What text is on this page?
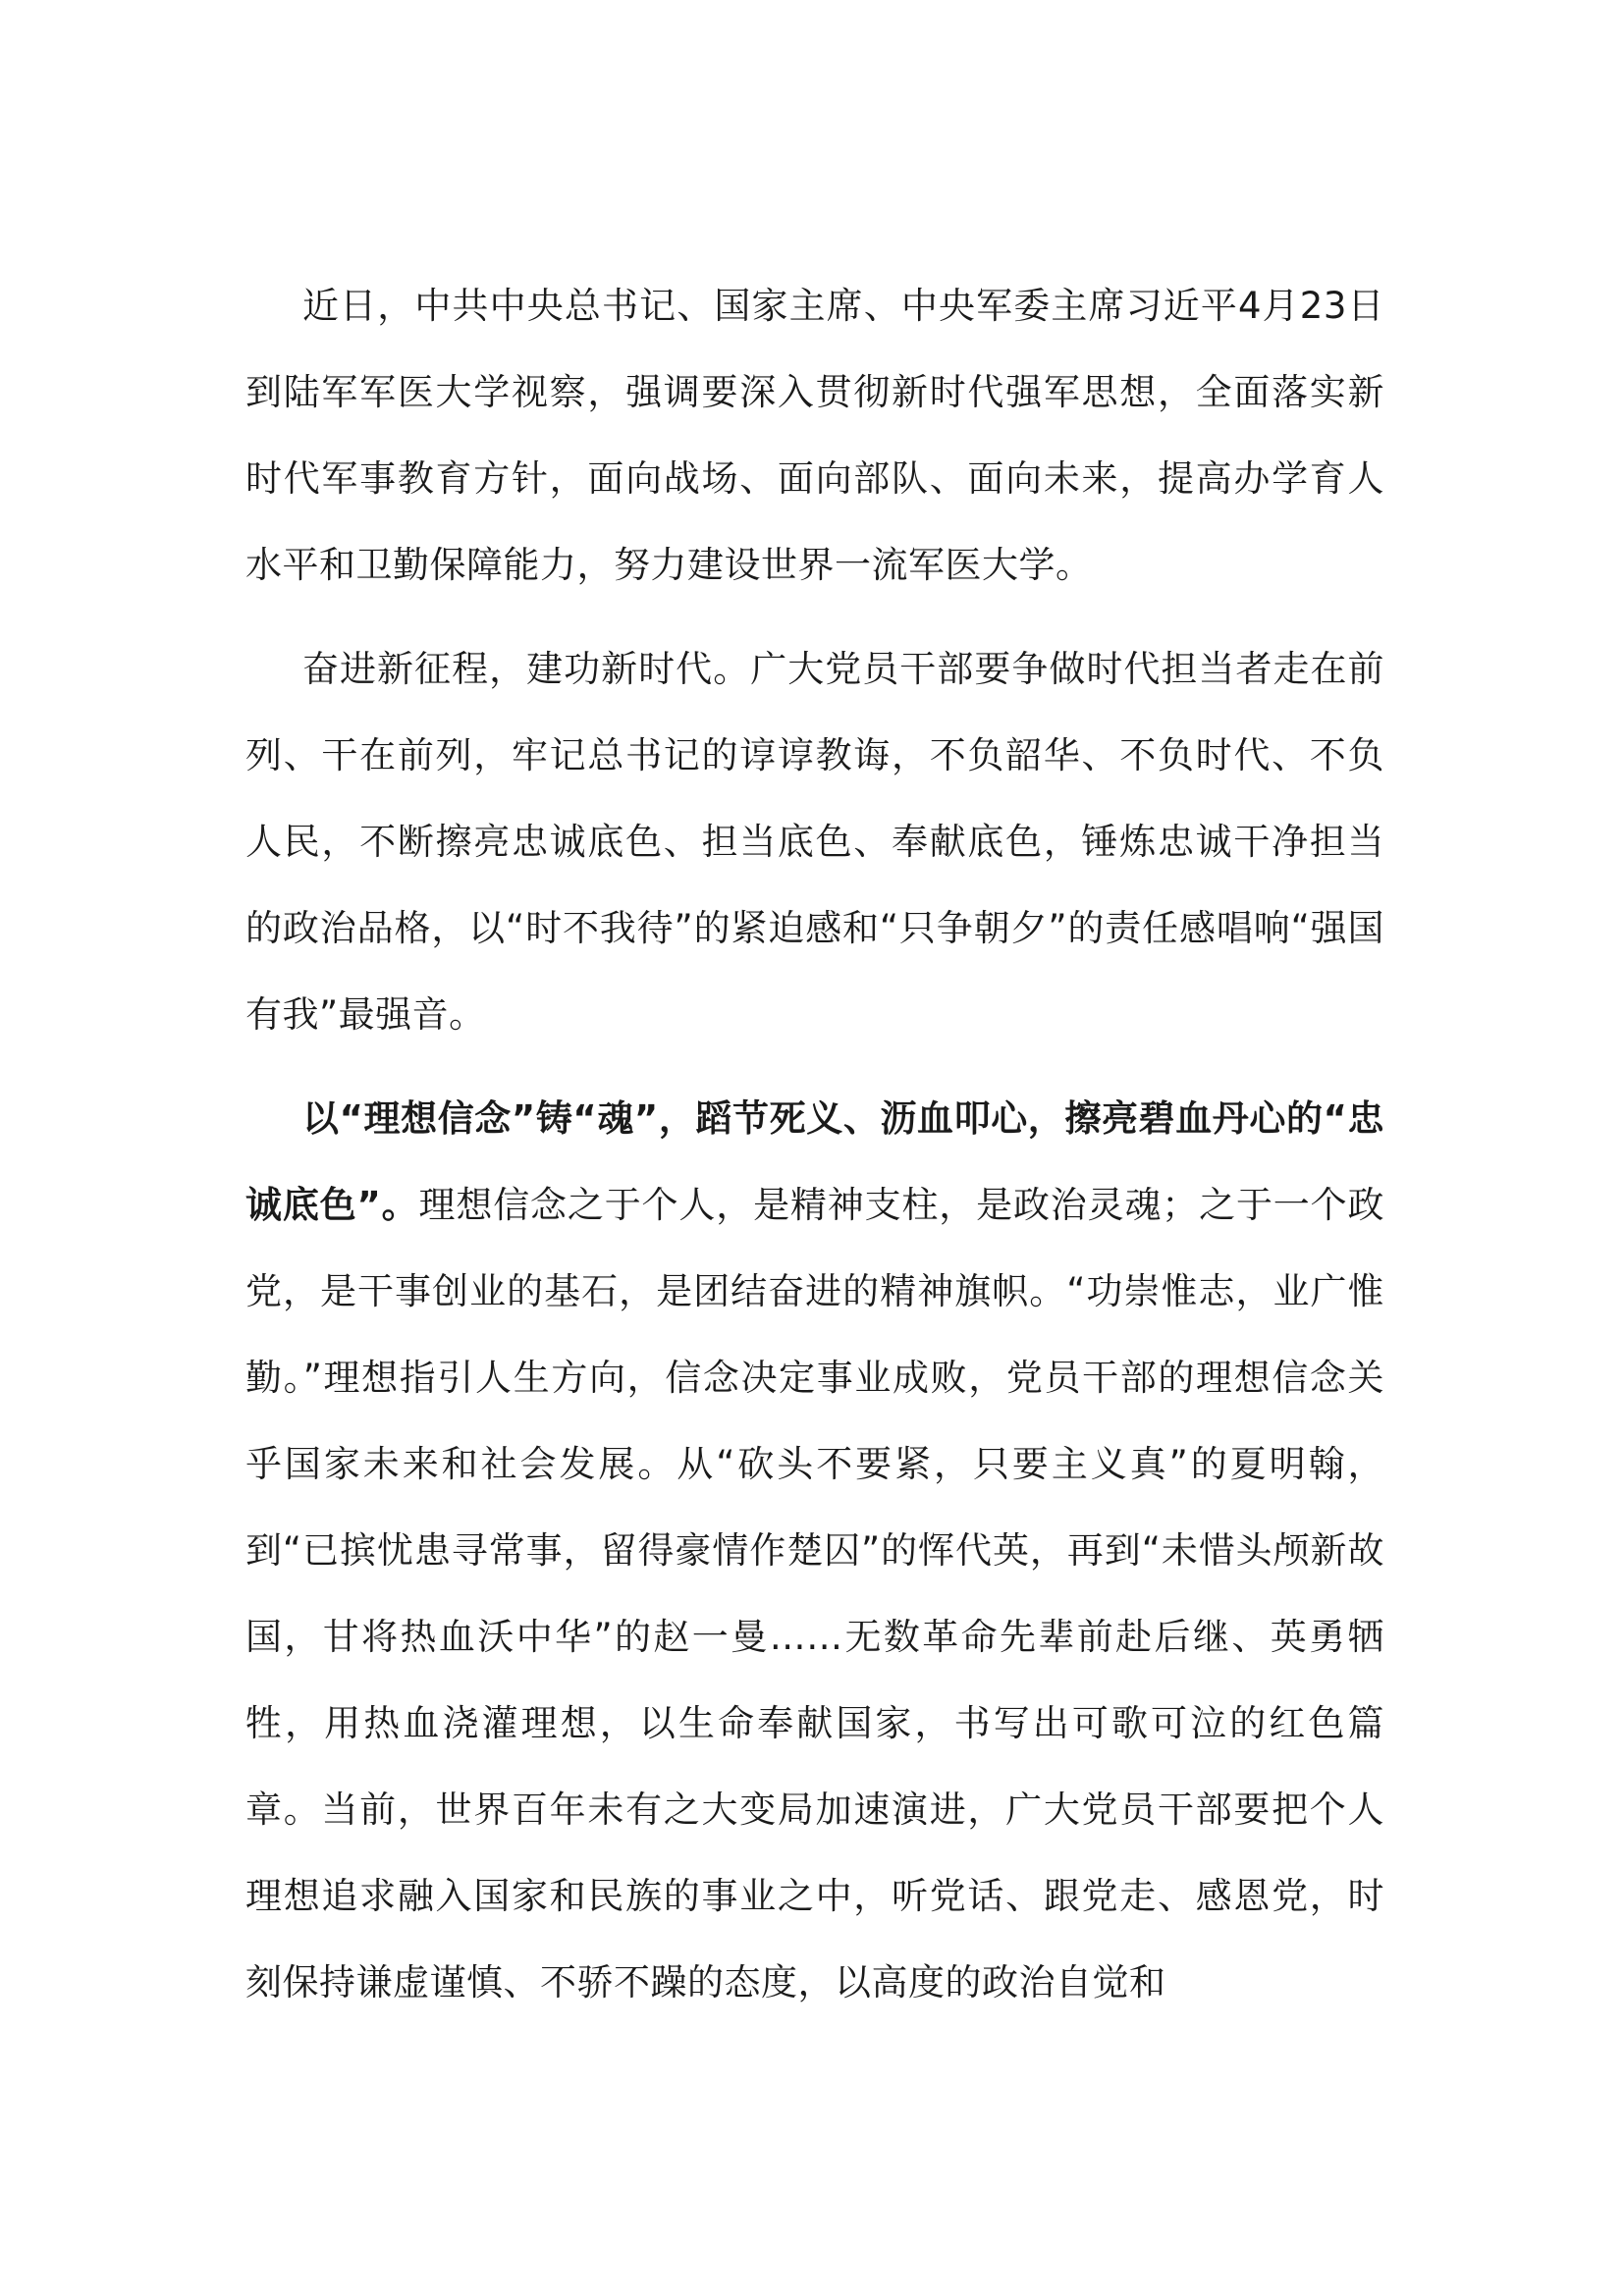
近日，中共中央总书记、国家主席、中央军委主席习近平4月23日到陆军军医大学视察，强调要深入贯彻新时代强军思想，全面落实新时代军事教育方针，面向战场、面向部队、面向未来，提高办学育人水平和卫勤保障能力，努力建设世界一流军医大学。

奋进新征程，建功新时代。广大党员干部要争做时代担当者走在前列、干在前列，牢记总书记的谆谆教诲，不负韶华、不负时代、不负人民，不断擦亮忠诚底色、担当底色、奉献底色，锤炼忠诚干净担当的政治品格，以“时不我待”的紧迫感和“只争朝夕”的责任感唱响“强国有我”最强音。

以“理想信念”铸“魂”，蹈节死义、沥血叩心，擦亮碧血丹心的“忠诚底色”。理想信念之于个人，是精神支柱，是政治灵魂；之于一个政党，是干事创业的基石，是团结奋进的精神旗帜。“功崇惟志，业广惟勤。”理想指引人生方向，信念决定事业成败，党员干部的理想信念关乎国家未来和社会发展。从“砍头不要紧，只要主义真”的夏明翰，到“已摈忧患寻常事，留得豪情作楚囚”的恽代英，再到“未惜头颅新故国，甘将热血沃中华”的赵一曼……无数革命先辈前赴后继、英勇牺牲，用热血浇灌理想，以生命奉献国家，书写出可歌可泣的红色篇章。当前，世界百年未有之大变局加速演进，广大党员干部要把个人理想追求融入国家和民族的事业之中，听党话、跟党走、感恩党，时刻保持谦虚谨慎、不骄不躁的态度，以高度的政治自觉和
